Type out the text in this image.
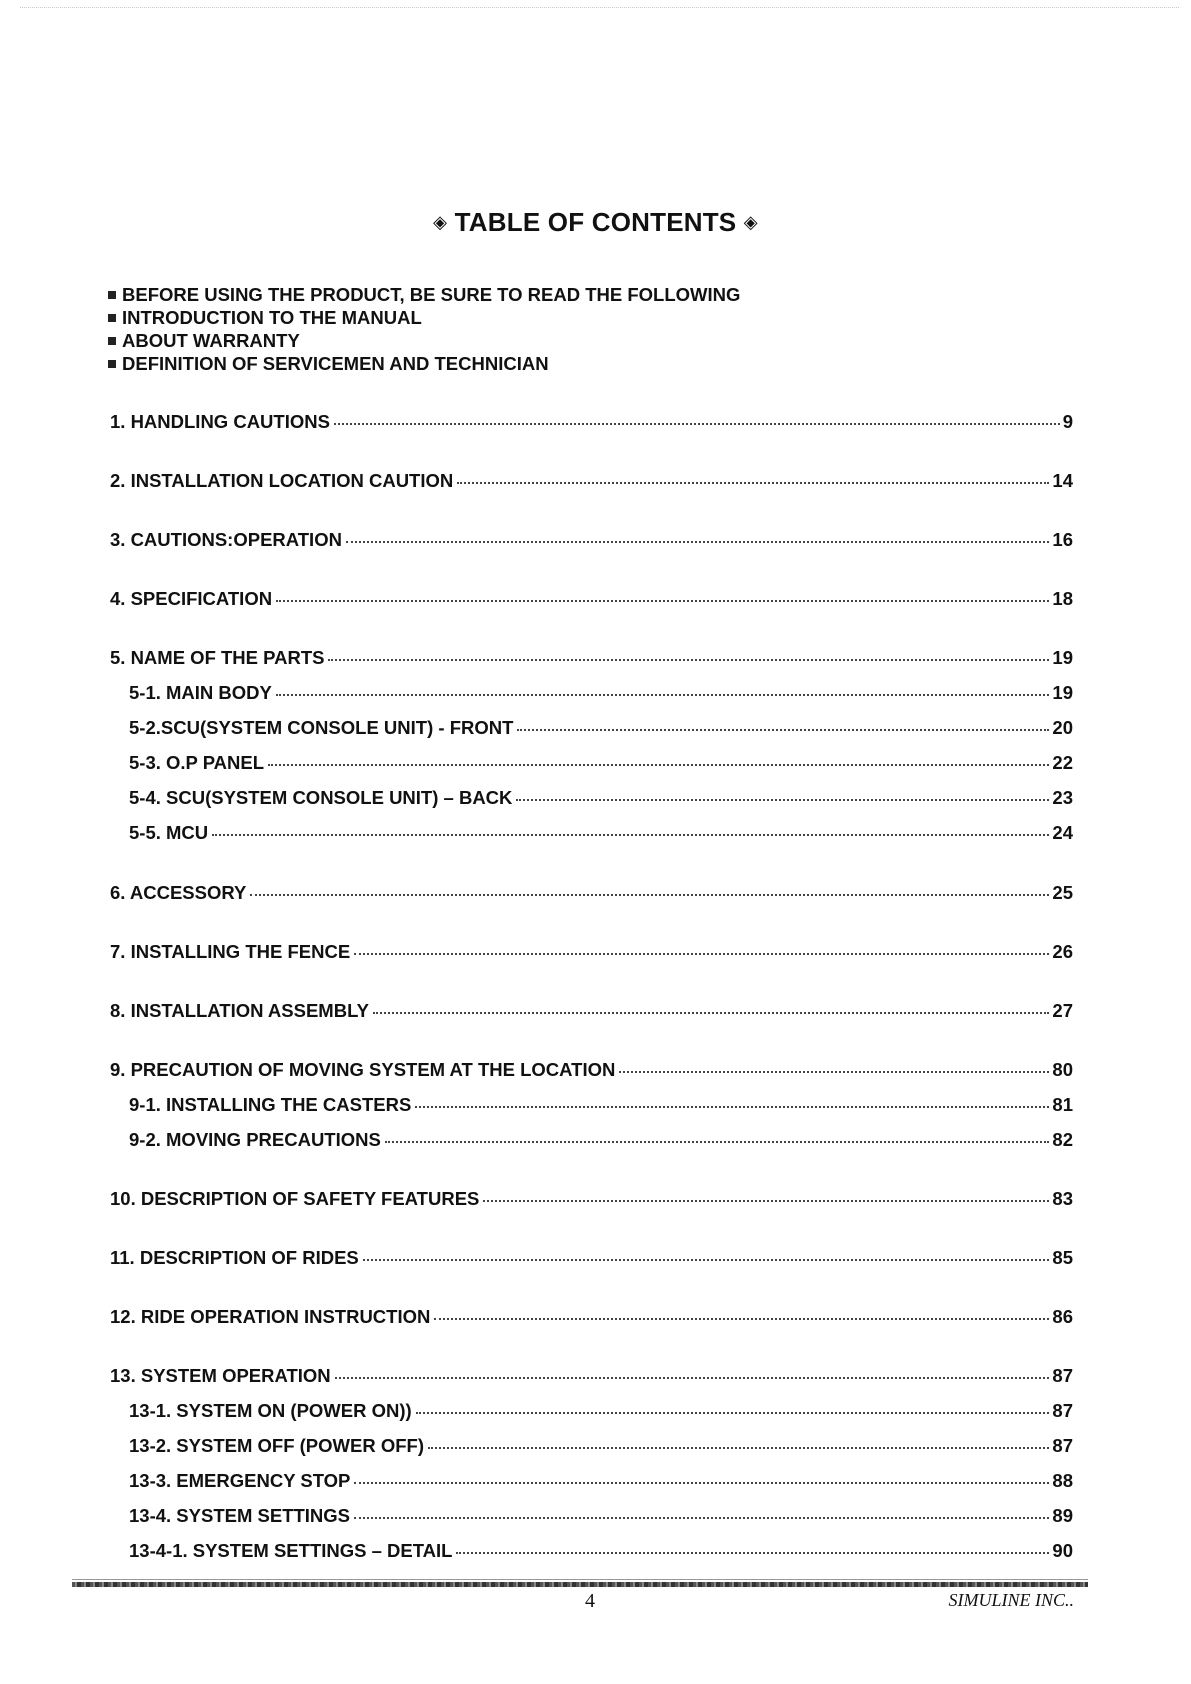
◈ TABLE OF CONTENTS ◈
BEFORE USING THE PRODUCT, BE SURE TO READ THE FOLLOWING
INTRODUCTION TO THE MANUAL
ABOUT WARRANTY
DEFINITION OF SERVICEMEN AND TECHNICIAN
1. HANDLING CAUTIONS	9
2. INSTALLATION LOCATION CAUTION	14
3. CAUTIONS:OPERATION	16
4. SPECIFICATION	18
5. NAME OF THE PARTS	19
5-1. MAIN BODY	19
5-2.SCU(SYSTEM CONSOLE UNIT) - FRONT	20
5-3. O.P PANEL	22
5-4. SCU(SYSTEM CONSOLE UNIT) – BACK	23
5-5. MCU	24
6. ACCESSORY	25
7. INSTALLING THE FENCE	26
8. INSTALLATION ASSEMBLY	27
9. PRECAUTION OF MOVING SYSTEM AT THE LOCATION	80
9-1. INSTALLING THE CASTERS	81
9-2. MOVING PRECAUTIONS	82
10. DESCRIPTION OF SAFETY FEATURES	83
11. DESCRIPTION OF RIDES	85
12. RIDE OPERATION INSTRUCTION	86
13. SYSTEM OPERATION	87
13-1. SYSTEM ON (POWER ON))	87
13-2. SYSTEM OFF (POWER OFF)	87
13-3. EMERGENCY STOP	88
13-4. SYSTEM SETTINGS	89
13-4-1. SYSTEM SETTINGS – DETAIL	90
4	SIMULINE INC..
